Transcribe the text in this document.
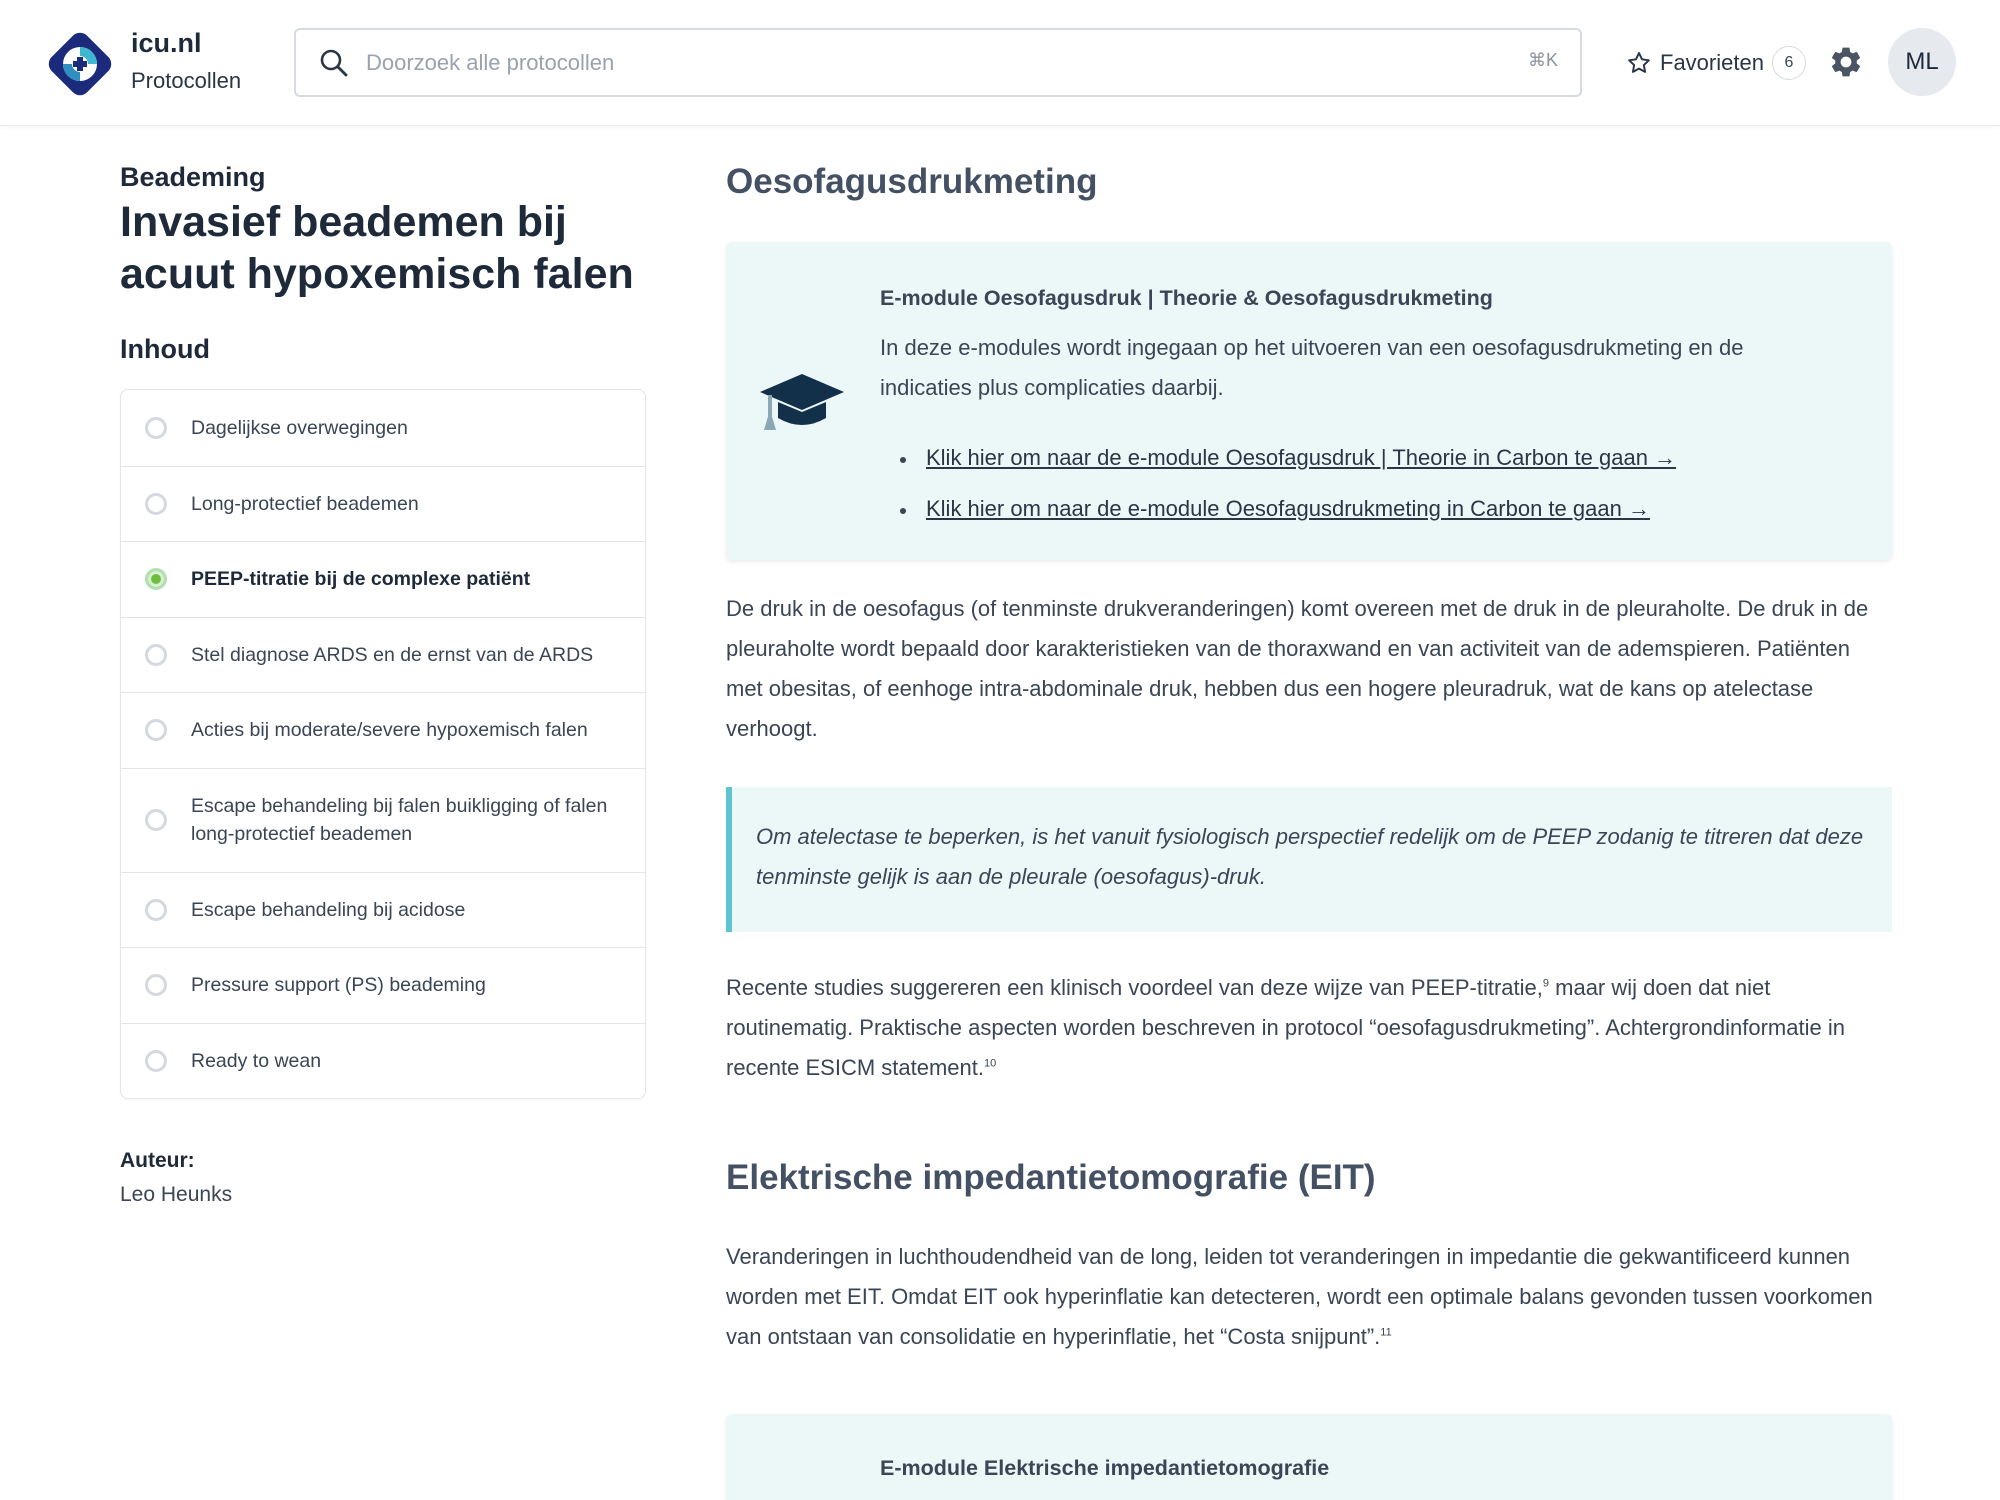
icu.nl
Protocollen
Doorzoek alle protocollen
⌘K	Favorieten	6	ML
Beademing
Invasief beademen bij acuut hypoxemisch falen
Inhoud
Dagelijkse overwegingen
Long-protectief beademen
PEEP-titratie bij de complexe patiënt
Stel diagnose ARDS en de ernst van de ARDS
Acties bij moderate/severe hypoxemisch falen
Escape behandeling bij falen buikligging of falen long-protectief beademen
Escape behandeling bij acidose
Pressure support (PS) beademing
Ready to wean
Auteur:
Leo Heunks
Oesofagusdrukmeting
E-module Oesofagusdruk | Theorie & Oesofagusdrukmeting

In deze e-modules wordt ingegaan op het uitvoeren van een oesofagusdrukmeting en de indicaties plus complicaties daarbij.

Klik hier om naar de e-module Oesofagusdruk | Theorie in Carbon te gaan →
Klik hier om naar de e-module Oesofagusdrukmeting in Carbon te gaan →

De druk in de oesofagus (of tenminste drukveranderingen) komt overeen met de druk in de pleuraholte. De druk in de pleuraholte wordt bepaald door karakteristieken van de thoraxwand en van activiteit van de ademspieren. Patiënten met obesitas, of eenhoge intra-abdominale druk, hebben dus een hogere pleuradruk, wat de kans op atelectase verhoogt.

Om atelectase te beperken, is het vanuit fysiologisch perspectief redelijk om de PEEP zodanig te titreren dat deze tenminste gelijk is aan de pleurale (oesofagus)-druk.

Recente studies suggereren een klinisch voordeel van deze wijze van PEEP-titratie,$^9$ maar wij doen dat niet routinematig. Praktische aspecten worden beschreven in protocol “oesofagusdrukmeting”. Achtergrondinformatie in recente ESICM statement.$^{10}$

Elektrische impedantietomografie (EIT)

Veranderingen in luchthoudendheid van de long, leiden tot veranderingen in impedantie die gekwantificeerd kunnen worden met EIT. Omdat EIT ook hyperinflatie kan detecteren, wordt een optimale balans gevonden tussen voorkomen van ontstaan van consolidatie en hyperinflatie, het “Costa snijpunt”.$^{11}$

E-module Elektrische impedantietomografie
